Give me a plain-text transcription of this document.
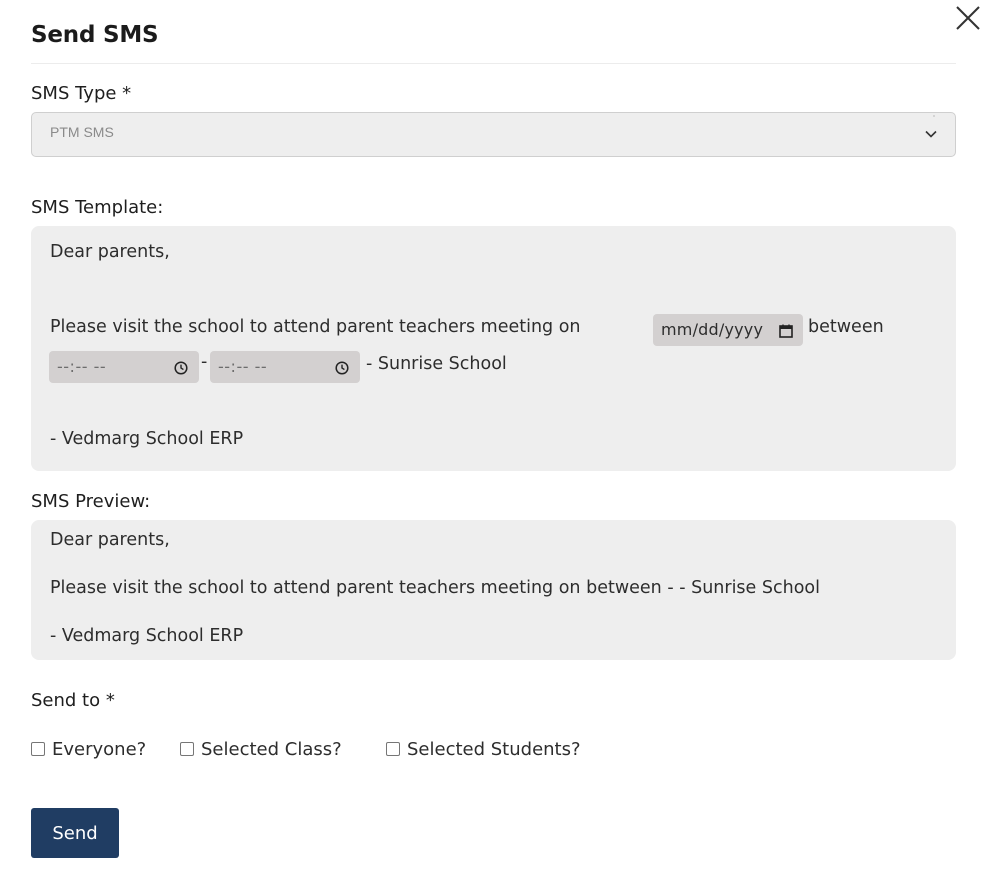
Send SMS
SMS Type *
PTM SMS
SMS Template:
Dear parents,
Please visit the school to attend parent teachers meeting on	mm/dd/yyyy	between
--:-- --	- --:-- --	- Sunrise School
- Vedmarg School ERP
SMS Preview:
Dear parents,
Please visit the school to attend parent teachers meeting on between - - Sunrise School
- Vedmarg School ERP
Send to *
Everyone?	Selected Class?	Selected Students?
Send
